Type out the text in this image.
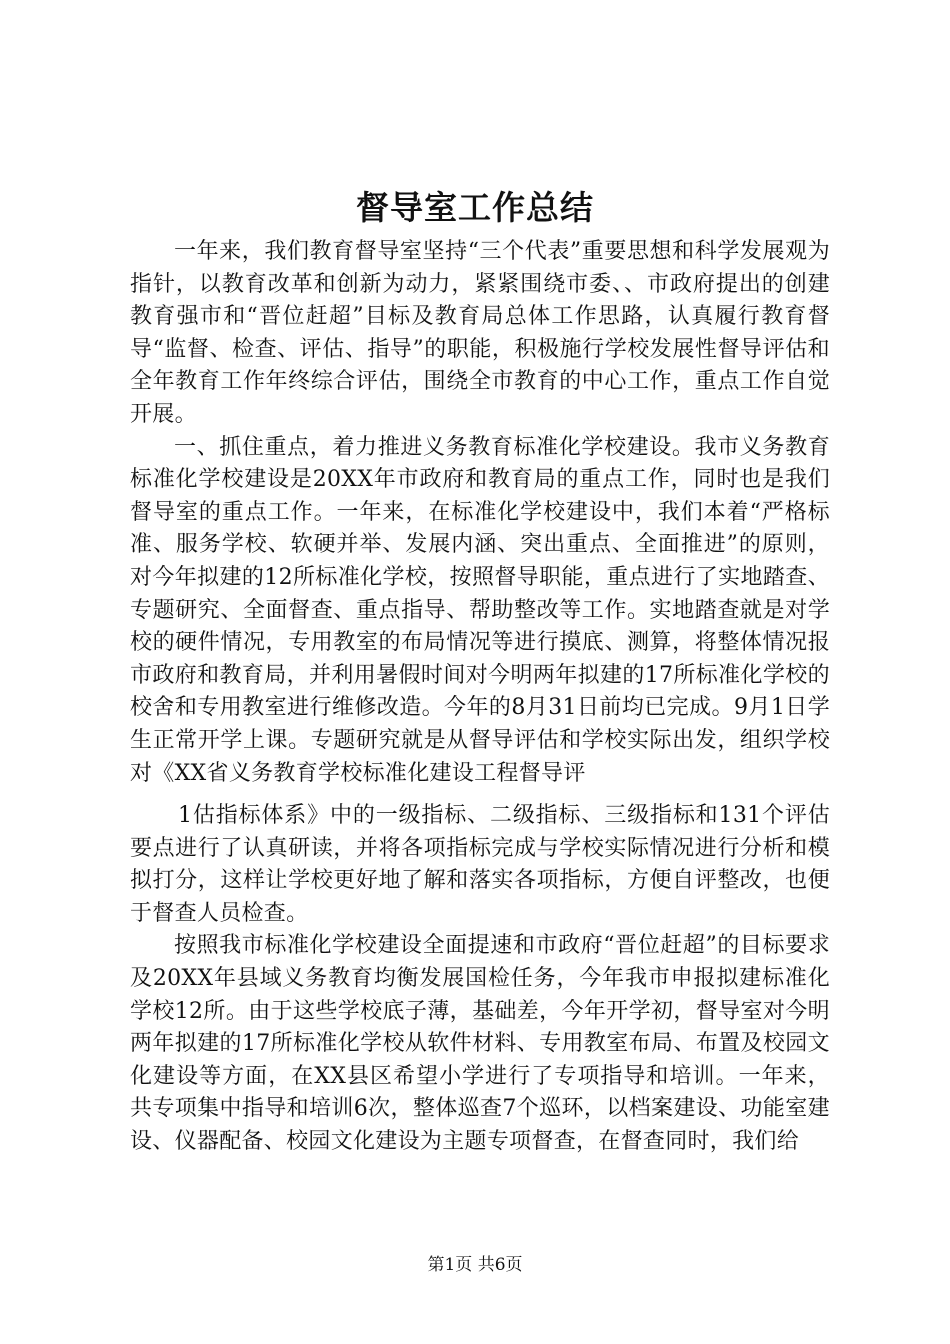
督导室工作总结

一年来，我们教育督导室坚持“三个代表”重要思想和科学发展观为指针，以教育改革和创新为动力，紧紧围绕市委、、市政府提出的创建教育强市和“晋位赶超”目标及教育局总体工作思路，认真履行教育督导“监督、检查、评估、指导”的职能，积极施行学校发展性督导评估和全年教育工作年终综合评估，围绕全市教育的中心工作，重点工作自觉开展。

一、抓住重点，着力推进义务教育标准化学校建设。我市义务教育标准化学校建设是20XX年市政府和教育局的重点工作，同时也是我们督导室的重点工作。一年来，在标准化学校建设中，我们本着“严格标准、服务学校、软硬并举、发展内涵、突出重点、全面推进”的原则，对今年拟建的12所标准化学校，按照督导职能，重点进行了实地踏查、专题研究、全面督查、重点指导、帮助整改等工作。实地踏查就是对学校的硬件情况，专用教室的布局情况等进行摸底、测算，将整体情况报市政府和教育局，并利用暑假时间对今明两年拟建的17所标准化学校的校舍和专用教室进行维修改造。今年的8月31日前均已完成。9月1日学生正常开学上课。专题研究就是从督导评估和学校实际出发，组织学校对《XX省义务教育学校标准化建设工程督导评

1估指标体系》中的一级指标、二级指标、三级指标和131个评估要点进行了认真研读，并将各项指标完成与学校实际情况进行分析和模拟打分，这样让学校更好地了解和落实各项指标，方便自评整改，也便于督查人员检查。

按照我市标准化学校建设全面提速和市政府“晋位赶超”的目标要求及20XX年县域义务教育均衡发展国检任务，今年我市申报拟建标准化学校12所。由于这些学校底子薄，基础差，今年开学初，督导室对今明两年拟建的17所标准化学校从软件材料、专用教室布局、布置及校园文化建设等方面，在XX县区希望小学进行了专项指导和培训。一年来，共专项集中指导和培训6次，整体巡查7个巡环，以档案建设、功能室建设、仪器配备、校园文化建设为主题专项督查，在督查同时，我们给

第1页 共6页
